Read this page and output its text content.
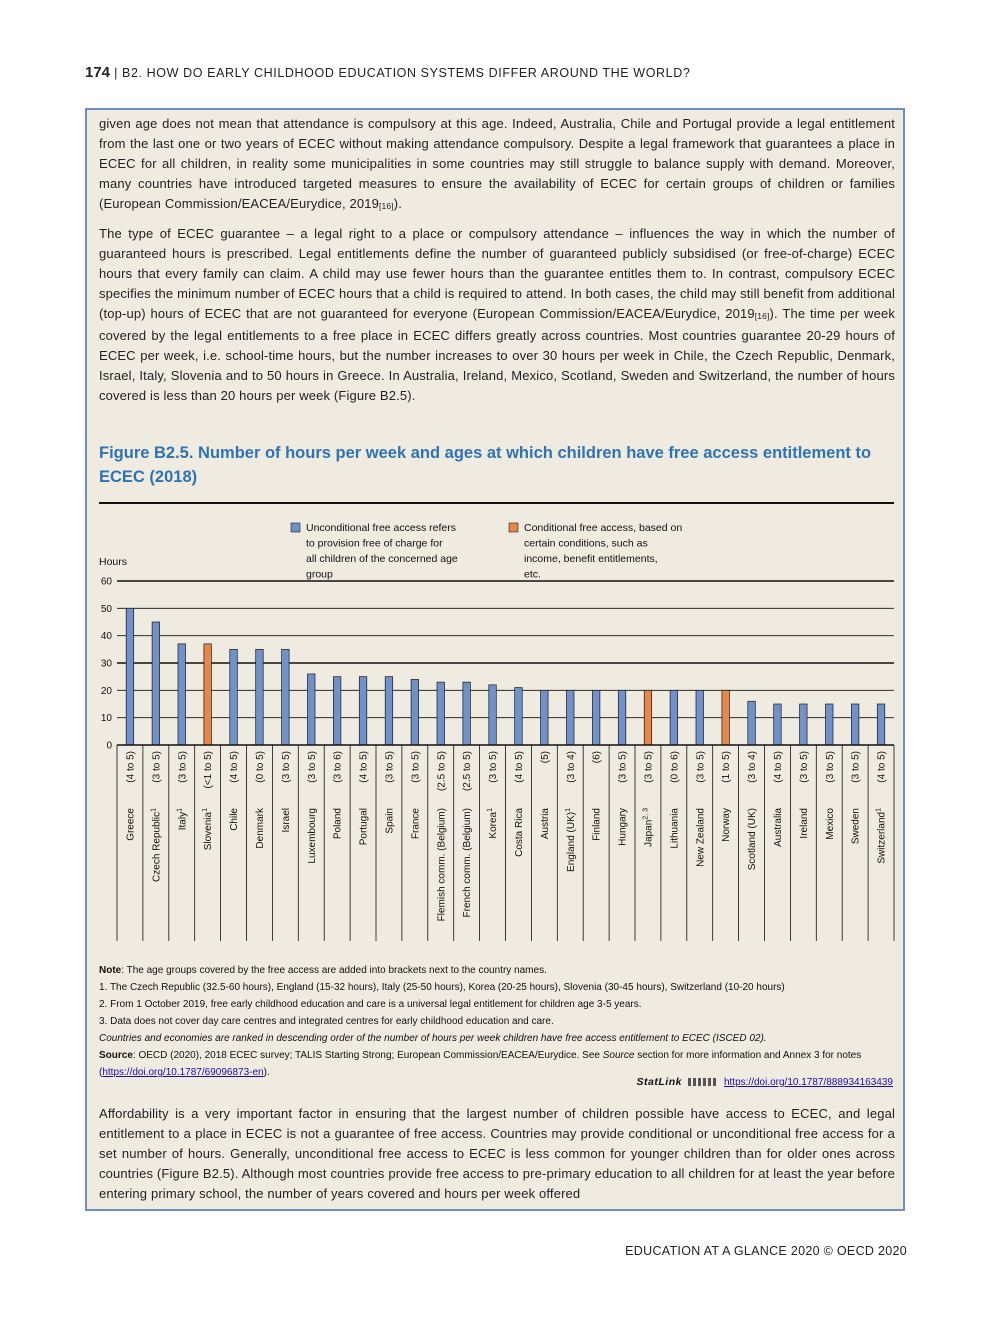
174 | B2. HOW DO EARLY CHILDHOOD EDUCATION SYSTEMS DIFFER AROUND THE WORLD?

given age does not mean that attendance is compulsory at this age. Indeed, Australia, Chile and Portugal provide a legal entitlement from the last one or two years of ECEC without making attendance compulsory. Despite a legal framework that guarantees a place in ECEC for all children, in reality some municipalities in some countries may still struggle to balance supply with demand. Moreover, many countries have introduced targeted measures to ensure the availability of ECEC for certain groups of children or families (European Commission/EACEA/Eurydice, $2019_{[16]}$).

The type of ECEC guarantee – a legal right to a place or compulsory attendance – influences the way in which the number of guaranteed hours is prescribed. Legal entitlements define the number of guaranteed publicly subsidised (or free-of-charge) ECEC hours that every family can claim. A child may use fewer hours than the guarantee entitles them to. In contrast, compulsory ECEC specifies the minimum number of ECEC hours that a child is required to attend. In both cases, the child may still benefit from additional (top-up) hours of ECEC that are not guaranteed for everyone (European Commission/EACEA/Eurydice, $2019_{[16]}$). The time per week covered by the legal entitlements to a free place in ECEC differs greatly across countries. Most countries guarantee 20-29 hours of ECEC per week, i.e. school-time hours, but the number increases to over 30 hours per week in Chile, the Czech Republic, Denmark, Israel, Italy, Slovenia and to 50 hours in Greece. In Australia, Ireland, Mexico, Scotland, Sweden and Switzerland, the number of hours covered is less than 20 hours per week (Figure B2.5).

Figure B2.5. Number of hours per week and ages at which children have free access entitlement to ECEC (2018)
Unconditional free access refers to provision free of charge for all children of the concerned age group
Conditional free access, based on certain conditions, such as income, benefit entitlements, etc.
Hours
0
10
20
30
40
50
60
(4 to 5)
Greece
(3 to 5)
Czech Republic$^1$
(3 to 5)
Italy$^1$
(<1 to 5)
Slovenia$^1$
(4 to 5)
Chile
(0 to 5)
Denmark
(3 to 5)
Israel
(3 to 5)
Luxembourg
(3 to 6)
Poland
(4 to 5)
Portugal
(3 to 5)
Spain
(3 to 5)
France
(2.5 to 5)
Flemish comm. (Belgium)
(2.5 to 5)
French comm. (Belgium)
(3 to 5)
Korea$^1$
(4 to 5)
Costa Rica
(5)
Austria
(3 to 4)
England (UK)$^1$
(6)
Finland
(3 to 5)
Hungary
(3 to 5)
Japan$^{2, 3}$
(0 to 6)
Lithuania
(3 to 5)
New Zealand
(1 to 5)
Norway
(3 to 4)
Scotland (UK)
(4 to 5)
Australia
(3 to 5)
Ireland
(3 to 5)
Mexico
(3 to 5)
Sweden
(4 to 5)
Switzerland$^1$

Note: The age groups covered by the free access are added into brackets next to the country names.

1. The Czech Republic (32.5-60 hours), England (15-32 hours), Italy (25-50 hours), Korea (20-25 hours), Slovenia (30-45 hours), Switzerland (10-20 hours)

2. From 1 October 2019, free early childhood education and care is a universal legal entitlement for children age 3-5 years.

3. Data does not cover day care centres and integrated centres for early childhood education and care.

Countries and economies are ranked in descending order of the number of hours per week children have free access entitlement to ECEC (ISCED 02).

Source: OECD (2020), 2018 ECEC survey; TALIS Starting Strong; European Commission/EACEA/Eurydice. See Source section for more information and Annex 3 for notes (https://doi.org/10.1787/69096873-en).

StatLink	https://doi.org/10.1787/888934163439

Affordability is a very important factor in ensuring that the largest number of children possible have access to ECEC, and legal entitlement to a place in ECEC is not a guarantee of free access. Countries may provide conditional or unconditional free access for a set number of hours. Generally, unconditional free access to ECEC is less common for younger children than for older ones across countries (Figure B2.5). Although most countries provide free access to pre-primary education to all children for at least the year before entering primary school, the number of years covered and hours per week offered

EDUCATION AT A GLANCE 2020 © OECD 2020
